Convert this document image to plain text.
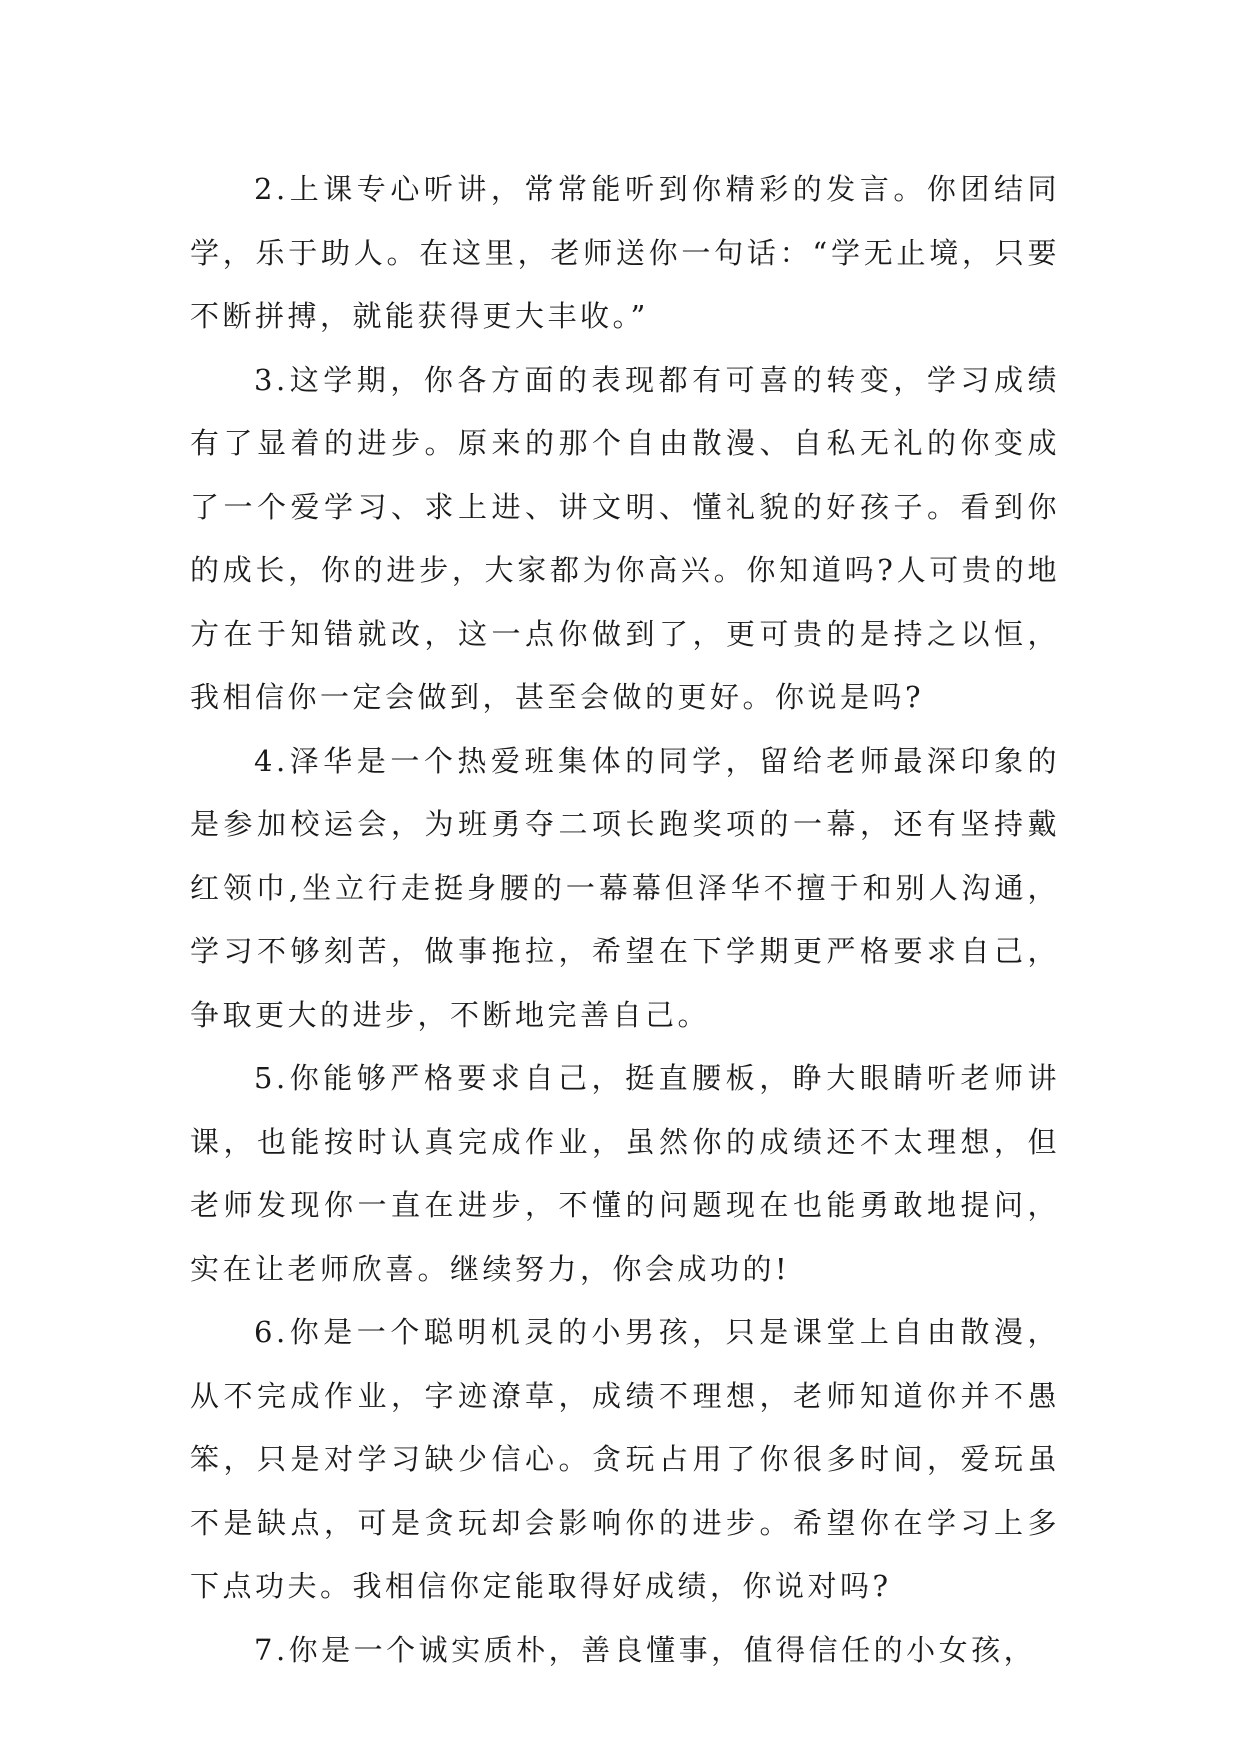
2.上课专心听讲，常常能听到你精彩的发言。你团结同学，乐于助人。在这里，老师送你一句话：“学无止境，只要不断拼搏，就能获得更大丰收。”

3.这学期，你各方面的表现都有可喜的转变，学习成绩有了显着的进步。原来的那个自由散漫、自私无礼的你变成了一个爱学习、求上进、讲文明、懂礼貌的好孩子。看到你的成长，你的进步，大家都为你高兴。你知道吗?人可贵的地方在于知错就改，这一点你做到了，更可贵的是持之以恒，我相信你一定会做到，甚至会做的更好。你说是吗?

4.泽华是一个热爱班集体的同学，留给老师最深印象的是参加校运会，为班勇夺二项长跑奖项的一幕，还有坚持戴红领巾,坐立行走挺身腰的一幕幕但泽华不擅于和别人沟通，学习不够刻苦，做事拖拉，希望在下学期更严格要求自己，争取更大的进步，不断地完善自己。

5.你能够严格要求自己，挺直腰板，睁大眼睛听老师讲课，也能按时认真完成作业，虽然你的成绩还不太理想，但老师发现你一直在进步，不懂的问题现在也能勇敢地提问，实在让老师欣喜。继续努力，你会成功的!

6.你是一个聪明机灵的小男孩，只是课堂上自由散漫，从不完成作业，字迹潦草，成绩不理想，老师知道你并不愚笨，只是对学习缺少信心。贪玩占用了你很多时间，爱玩虽不是缺点，可是贪玩却会影响你的进步。希望你在学习上多下点功夫。我相信你定能取得好成绩，你说对吗?

7.你是一个诚实质朴，善良懂事，值得信任的小女孩，
